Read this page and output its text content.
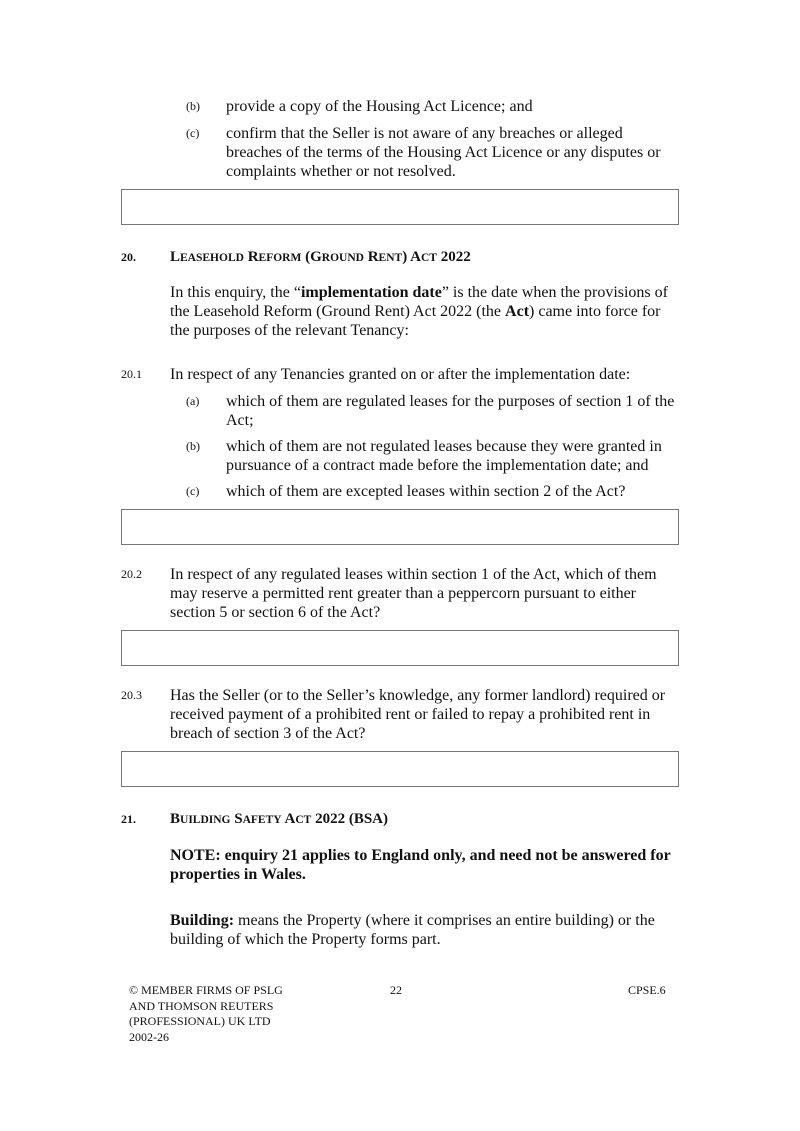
(b) provide a copy of the Housing Act Licence; and
(c) confirm that the Seller is not aware of any breaches or alleged breaches of the terms of the Housing Act Licence or any disputes or complaints whether or not resolved.
20. LEASEHOLD REFORM (GROUND RENT) ACT 2022
In this enquiry, the “implementation date” is the date when the provisions of the Leasehold Reform (Ground Rent) Act 2022 (the Act) came into force for the purposes of the relevant Tenancy:
20.1 In respect of any Tenancies granted on or after the implementation date:
(a) which of them are regulated leases for the purposes of section 1 of the Act;
(b) which of them are not regulated leases because they were granted in pursuance of a contract made before the implementation date; and
(c) which of them are excepted leases within section 2 of the Act?
20.2 In respect of any regulated leases within section 1 of the Act, which of them may reserve a permitted rent greater than a peppercorn pursuant to either section 5 or section 6 of the Act?
20.3 Has the Seller (or to the Seller’s knowledge, any former landlord) required or received payment of a prohibited rent or failed to repay a prohibited rent in breach of section 3 of the Act?
21. BUILDING SAFETY ACT 2022 (BSA)
NOTE: enquiry 21 applies to England only, and need not be answered for properties in Wales.
Building: means the Property (where it comprises an entire building) or the building of which the Property forms part.
© MEMBER FIRMS OF PSLG AND THOMSON REUTERS (PROFESSIONAL) UK LTD 2002-26
22	CPSE.6
